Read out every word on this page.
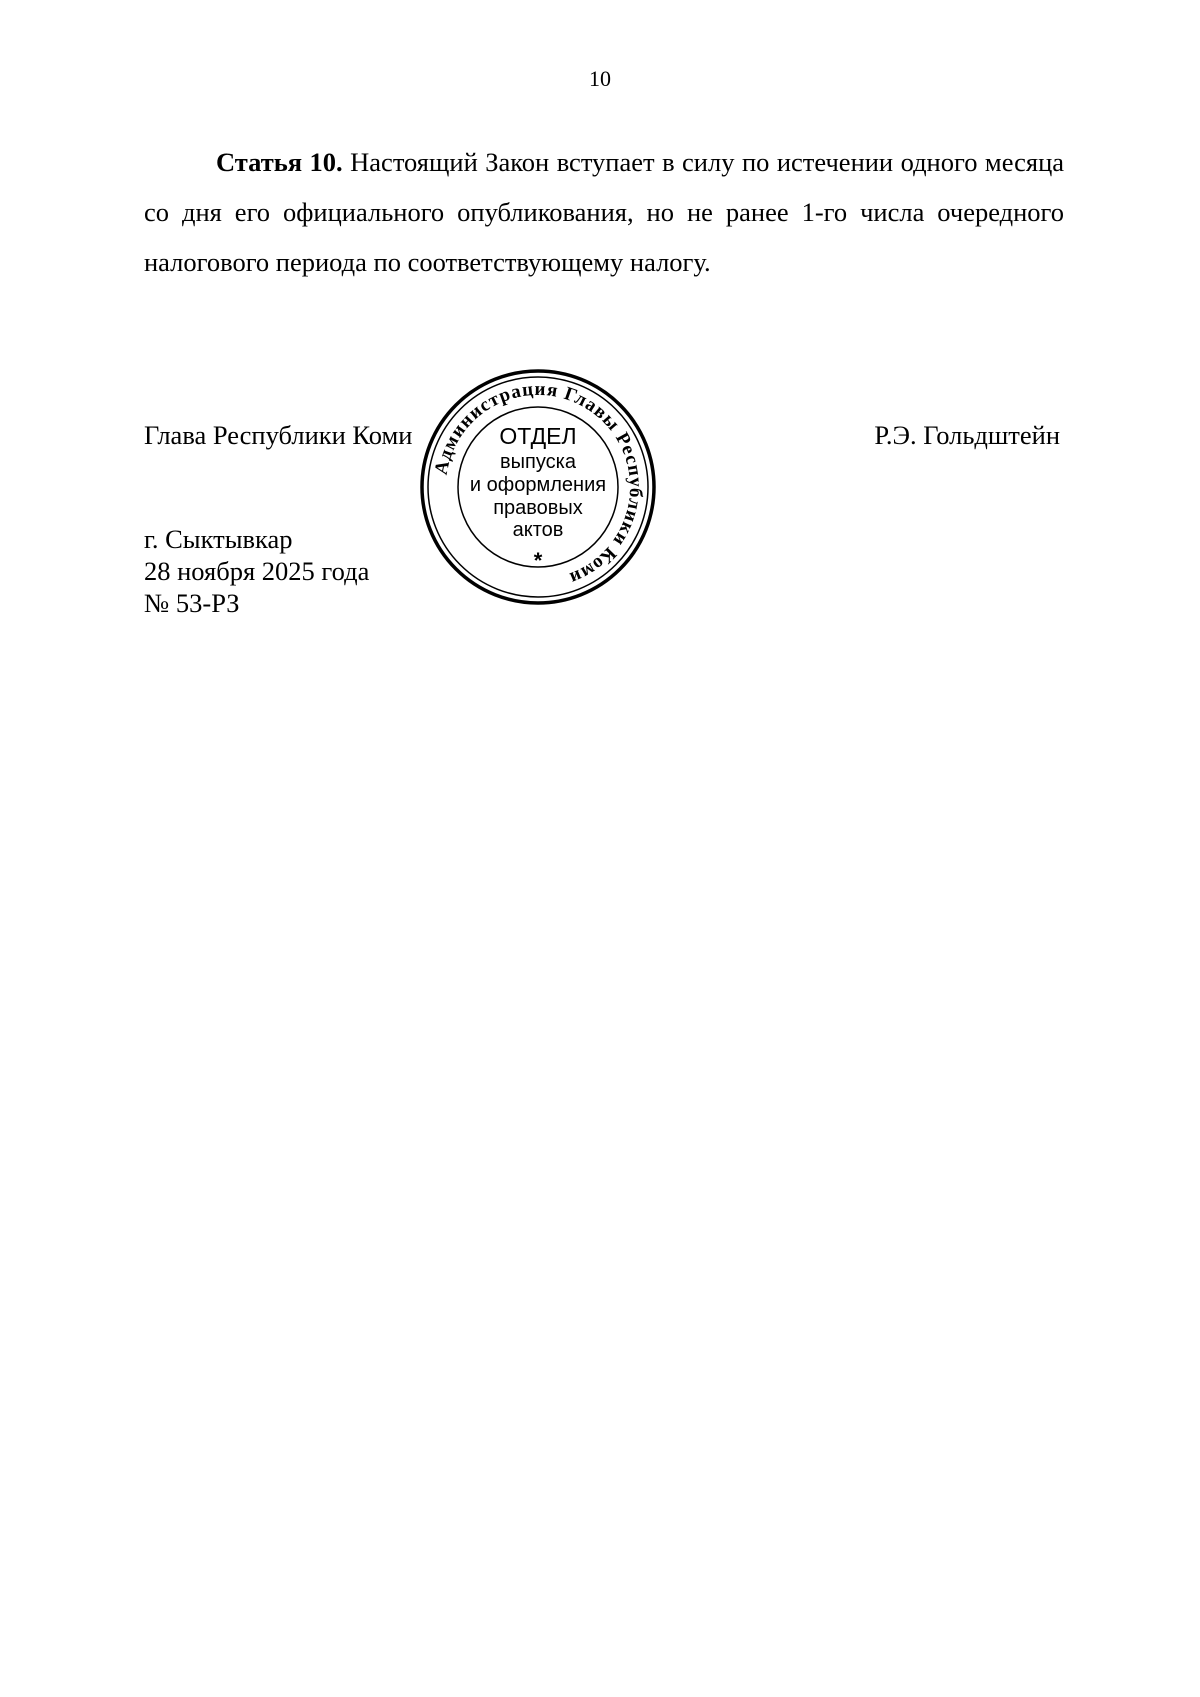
10
Статья 10. Настоящий Закон вступает в силу по истечении одного месяца со дня его официального опубликования, но не ранее 1-го числа очередного налогового периода по соответствующему налогу.
Глава Республики Коми	Р.Э. Гольдштейн
г. Сыктывкар
28 ноября 2025 года
№ 53-РЗ
Администрация Главы Республики Коми
ОТДЕЛ
выпуска
и оформления
правовых
актов
*
